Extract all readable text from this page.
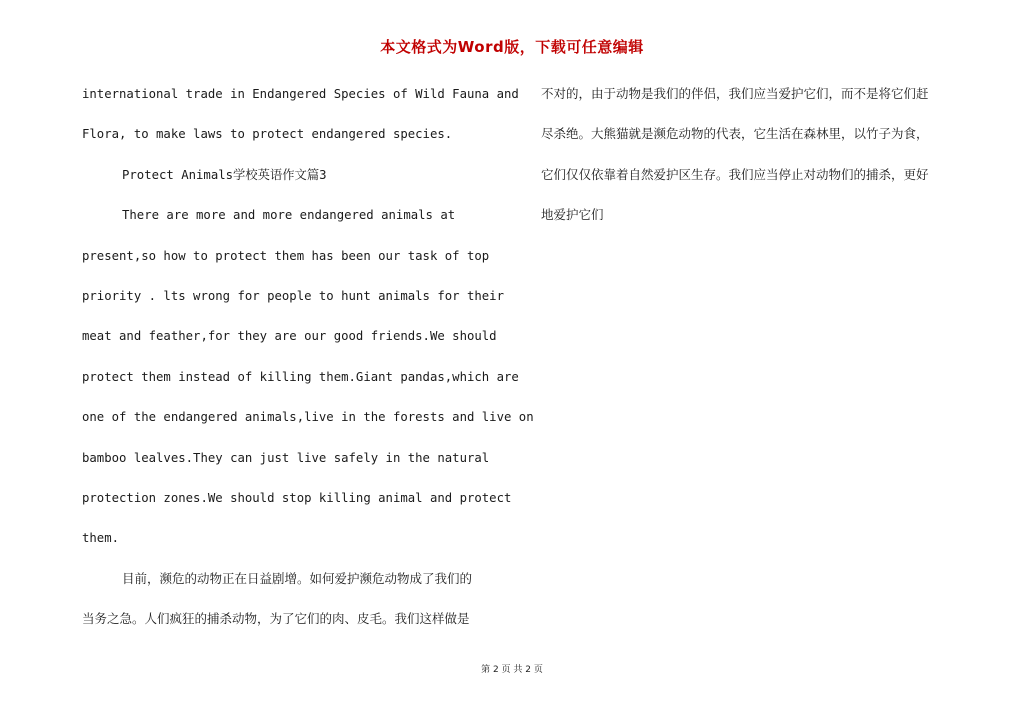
本文格式为Word版，下载可任意编辑
international trade in Endangered Species of Wild Fauna and
Flora, to make laws to protect endangered species.
Protect Animals学校英语作文篇3
There are more and more endangered animals at
present,so how to protect them has been our task of top
priority . lts wrong for people to hunt animals for their
meat and feather,for they are our good friends.We should
protect them instead of killing them.Giant pandas,which are
one of the endangered animals,live in the forests and live on
bamboo lealves.They can just live safely in the natural
protection zones.We should stop killing animal and protect
them.
目前，濒危的动物正在日益剧增。如何爱护濒危动物成了我们的
当务之急。人们疯狂的捕杀动物，为了它们的肉、皮毛。我们这样做是
不对的，由于动物是我们的伴侣，我们应当爱护它们，而不是将它们赶
尽杀绝。大熊猫就是濒危动物的代表，它生活在森林里，以竹子为食，
它们仅仅依靠着自然爱护区生存。我们应当停止对动物们的捕杀，更好
地爱护它们
第 2 页 共 2 页
